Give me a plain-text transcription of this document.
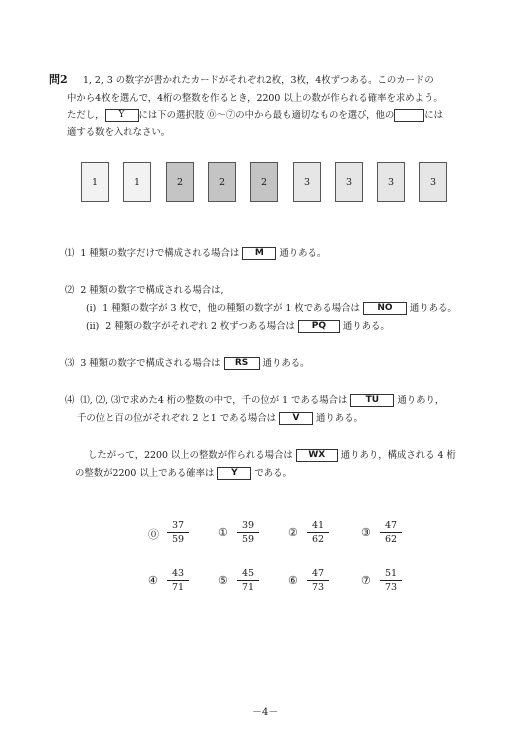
問2 1, 2, 3 の数字が書かれたカードがそれぞれ2枚，3枚，4枚ずつある。このカードの
中から4枚を選んで，4桁の整数を作るとき，2200 以上の数が作られる確率を求めよう。
ただし， Y には下の選択肢 ⓪～⑦の中から最も適切なものを選び，他の	には
適する数を入れなさい。
1	1	2	2	2	3	3	3	3
⑴ 1 種類の数字だけで構成される場合は M 通りある。
⑵ 2 種類の数字で構成される場合は,
(i) 1 種類の数字が 3 枚で，他の種類の数字が 1 枚である場合は NO 通りある。
(ii) 2 種類の数字がそれぞれ 2 枚ずつある場合は PQ 通りある。
⑶ 3 種類の数字で構成される場合は RS 通りある。
⑷ ⑴, ⑵, ⑶で求めた4 桁の整数の中で，千の位が 1 である場合は TU 通りあり，
千の位と百の位がそれぞれ 2 と1 である場合は V 通りある。
したがって，2200 以上の整数が作られる場合は WX 通りあり，構成される 4 桁
の整数が2200 以上である確率は Y である。
⓪ $\frac{37}{59}$	① $\frac{39}{59}$	② $\frac{41}{62}$	③ $\frac{47}{62}$
④ $\frac{43}{71}$	⑤ $\frac{45}{71}$	⑥ $\frac{47}{73}$	⑦ $\frac{51}{73}$
－4－
